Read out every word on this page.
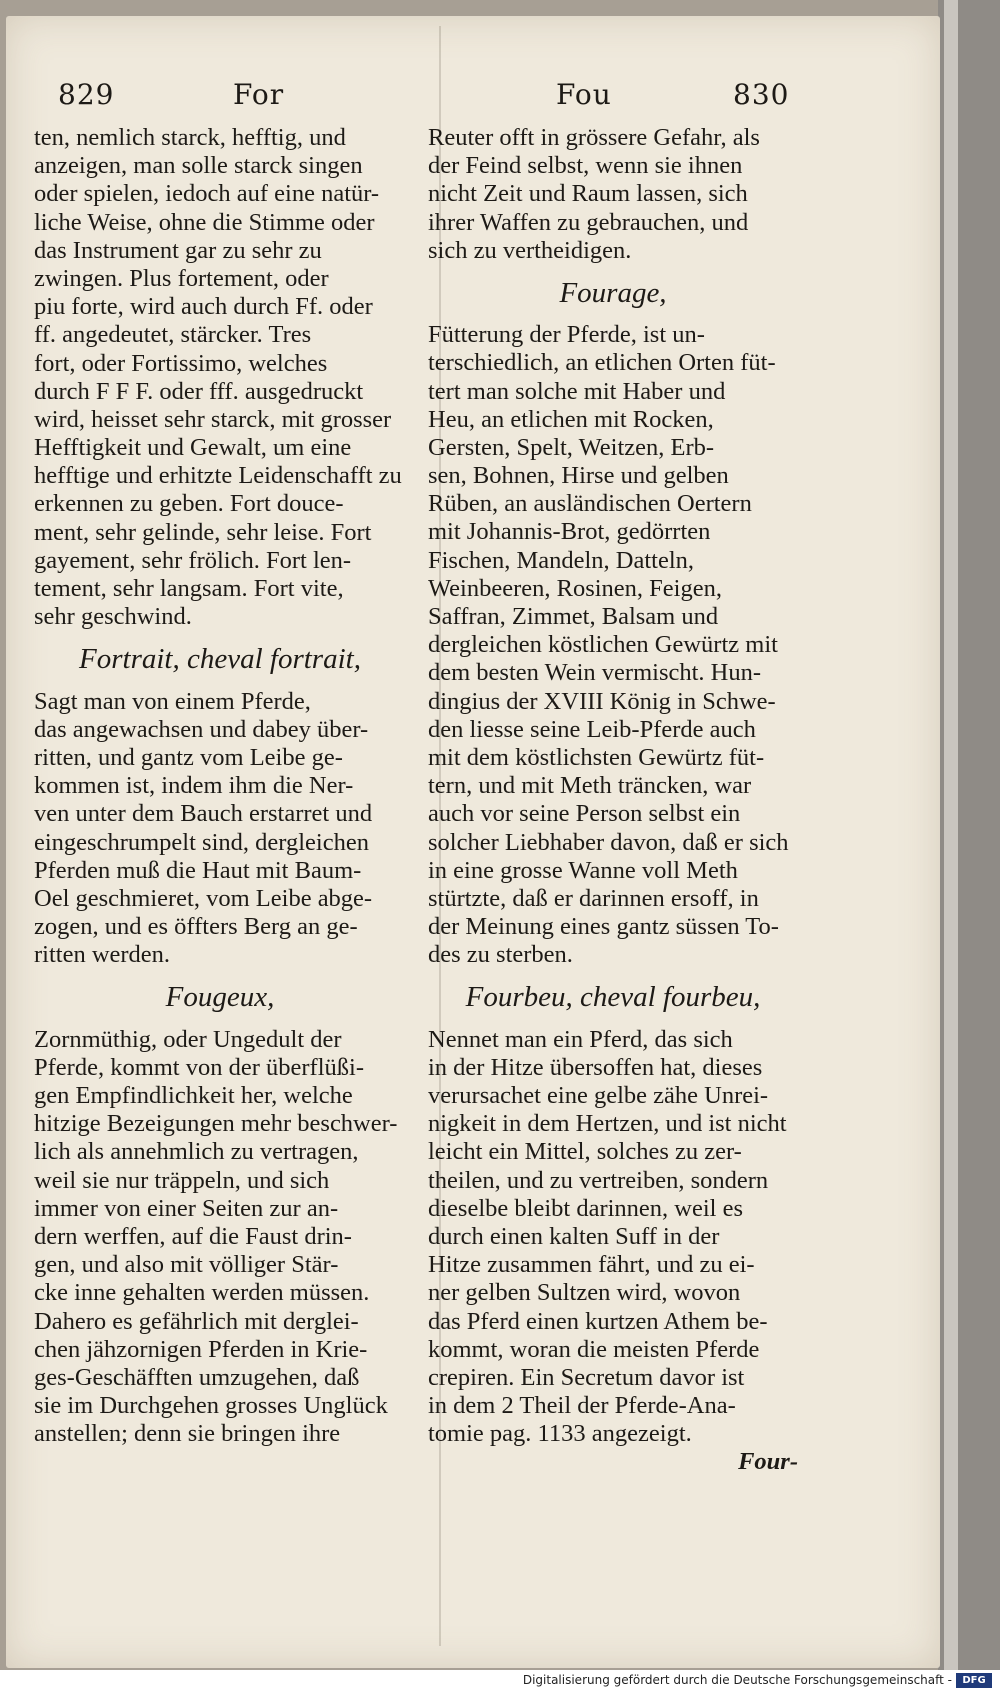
829	For	Fou	830
ten, nemlich starck, hefftig, und
anzeigen, man solle starck singen
oder spielen, iedoch auf eine natür-
liche Weise, ohne die Stimme oder
das Instrument gar zu sehr zu
zwingen. Plus fortement, oder
piu forte, wird auch durch Ff. oder
ff. angedeutet, stärcker. Tres
fort, oder Fortissimo, welches
durch F F F. oder fff. ausgedruckt
wird, heisset sehr starck, mit grosser
Hefftigkeit und Gewalt, um eine
hefftige und erhitzte Leidenschafft zu
erkennen zu geben. Fort douce-
ment, sehr gelinde, sehr leise. Fort
gayement, sehr frölich. Fort len-
tement, sehr langsam. Fort vite,
sehr geschwind.
Fortrait, cheval fortrait,
Sagt man von einem Pferde,
das angewachsen und dabey über-
ritten, und gantz vom Leibe ge-
kommen ist, indem ihm die Ner-
ven unter dem Bauch erstarret und
eingeschrumpelt sind, dergleichen
Pferden muß die Haut mit Baum-
Oel geschmieret, vom Leibe abge-
zogen, und es öffters Berg an ge-
ritten werden.
Fougeux,
Zornmüthig, oder Ungedult der
Pferde, kommt von der überflüßi-
gen Empfindlichkeit her, welche
hitzige Bezeigungen mehr beschwer-
lich als annehmlich zu vertragen,
weil sie nur träppeln, und sich
immer von einer Seiten zur an-
dern werffen, auf die Faust drin-
gen, und also mit völliger Stär-
cke inne gehalten werden müssen.
Dahero es gefährlich mit derglei-
chen jähzornigen Pferden in Krie-
ges-Geschäfften umzugehen, daß
sie im Durchgehen grosses Unglück
anstellen; denn sie bringen ihre
Reuter offt in grössere Gefahr, als
der Feind selbst, wenn sie ihnen
nicht Zeit und Raum lassen, sich
ihrer Waffen zu gebrauchen, und
sich zu vertheidigen.
Fourage,
Fütterung der Pferde, ist un-
terschiedlich, an etlichen Orten füt-
tert man solche mit Haber und
Heu, an etlichen mit Rocken,
Gersten, Spelt, Weitzen, Erb-
sen, Bohnen, Hirse und gelben
Rüben, an ausländischen Oertern
mit Johannis-Brot, gedörrten
Fischen, Mandeln, Datteln,
Weinbeeren, Rosinen, Feigen,
Saffran, Zimmet, Balsam und
dergleichen köstlichen Gewürtz mit
dem besten Wein vermischt. Hun-
dingius der XVIII König in Schwe-
den liesse seine Leib-Pferde auch
mit dem köstlichsten Gewürtz füt-
tern, und mit Meth träncken, war
auch vor seine Person selbst ein
solcher Liebhaber davon, daß er sich
in eine grosse Wanne voll Meth
stürtzte, daß er darinnen ersoff, in
der Meinung eines gantz süssen To-
des zu sterben.
Fourbeu, cheval fourbeu,
Nennet man ein Pferd, das sich
in der Hitze übersoffen hat, dieses
verursachet eine gelbe zähe Unrei-
nigkeit in dem Hertzen, und ist nicht
leicht ein Mittel, solches zu zer-
theilen, und zu vertreiben, sondern
dieselbe bleibt darinnen, weil es
durch einen kalten Suff in der
Hitze zusammen fährt, und zu ei-
ner gelben Sultzen wird, wovon
das Pferd einen kurtzen Athem be-
kommt, woran die meisten Pferde
crepiren. Ein Secretum davor ist
in dem 2 Theil der Pferde-Ana-
tomie pag. 1133 angezeigt.
Four-
Digitalisierung gefördert durch die Deutsche Forschungsgemeinschaft -	DFG
